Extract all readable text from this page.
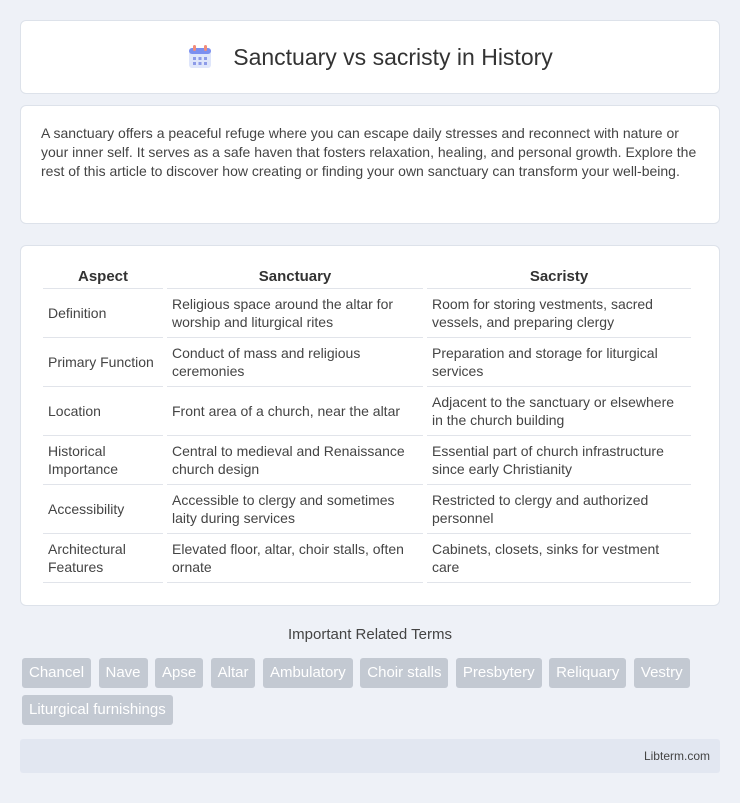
Sanctuary vs sacristy in History

A sanctuary offers a peaceful refuge where you can escape daily stresses and reconnect with nature or your inner self. It serves as a safe haven that fosters relaxation, healing, and personal growth. Explore the rest of this article to discover how creating or finding your own sanctuary can transform your well-being.

Aspect	Sanctuary	Sacristy
Definition	Religious space around the altar for worship and liturgical rites	Room for storing vestments, sacred vessels, and preparing clergy
Primary Function	Conduct of mass and religious ceremonies	Preparation and storage for liturgical services
Location	Front area of a church, near the altar	Adjacent to the sanctuary or elsewhere in the church building
Historical Importance	Central to medieval and Renaissance church design	Essential part of church infrastructure since early Christianity
Accessibility	Accessible to clergy and sometimes laity during services	Restricted to clergy and authorized personnel
Architectural Features	Elevated floor, altar, choir stalls, often ornate	Cabinets, closets, sinks for vestment care
Important Related Terms
Chancel Nave Apse Altar Ambulatory Choir stalls Presbytery Reliquary Vestry Liturgical furnishings
Libterm.com
